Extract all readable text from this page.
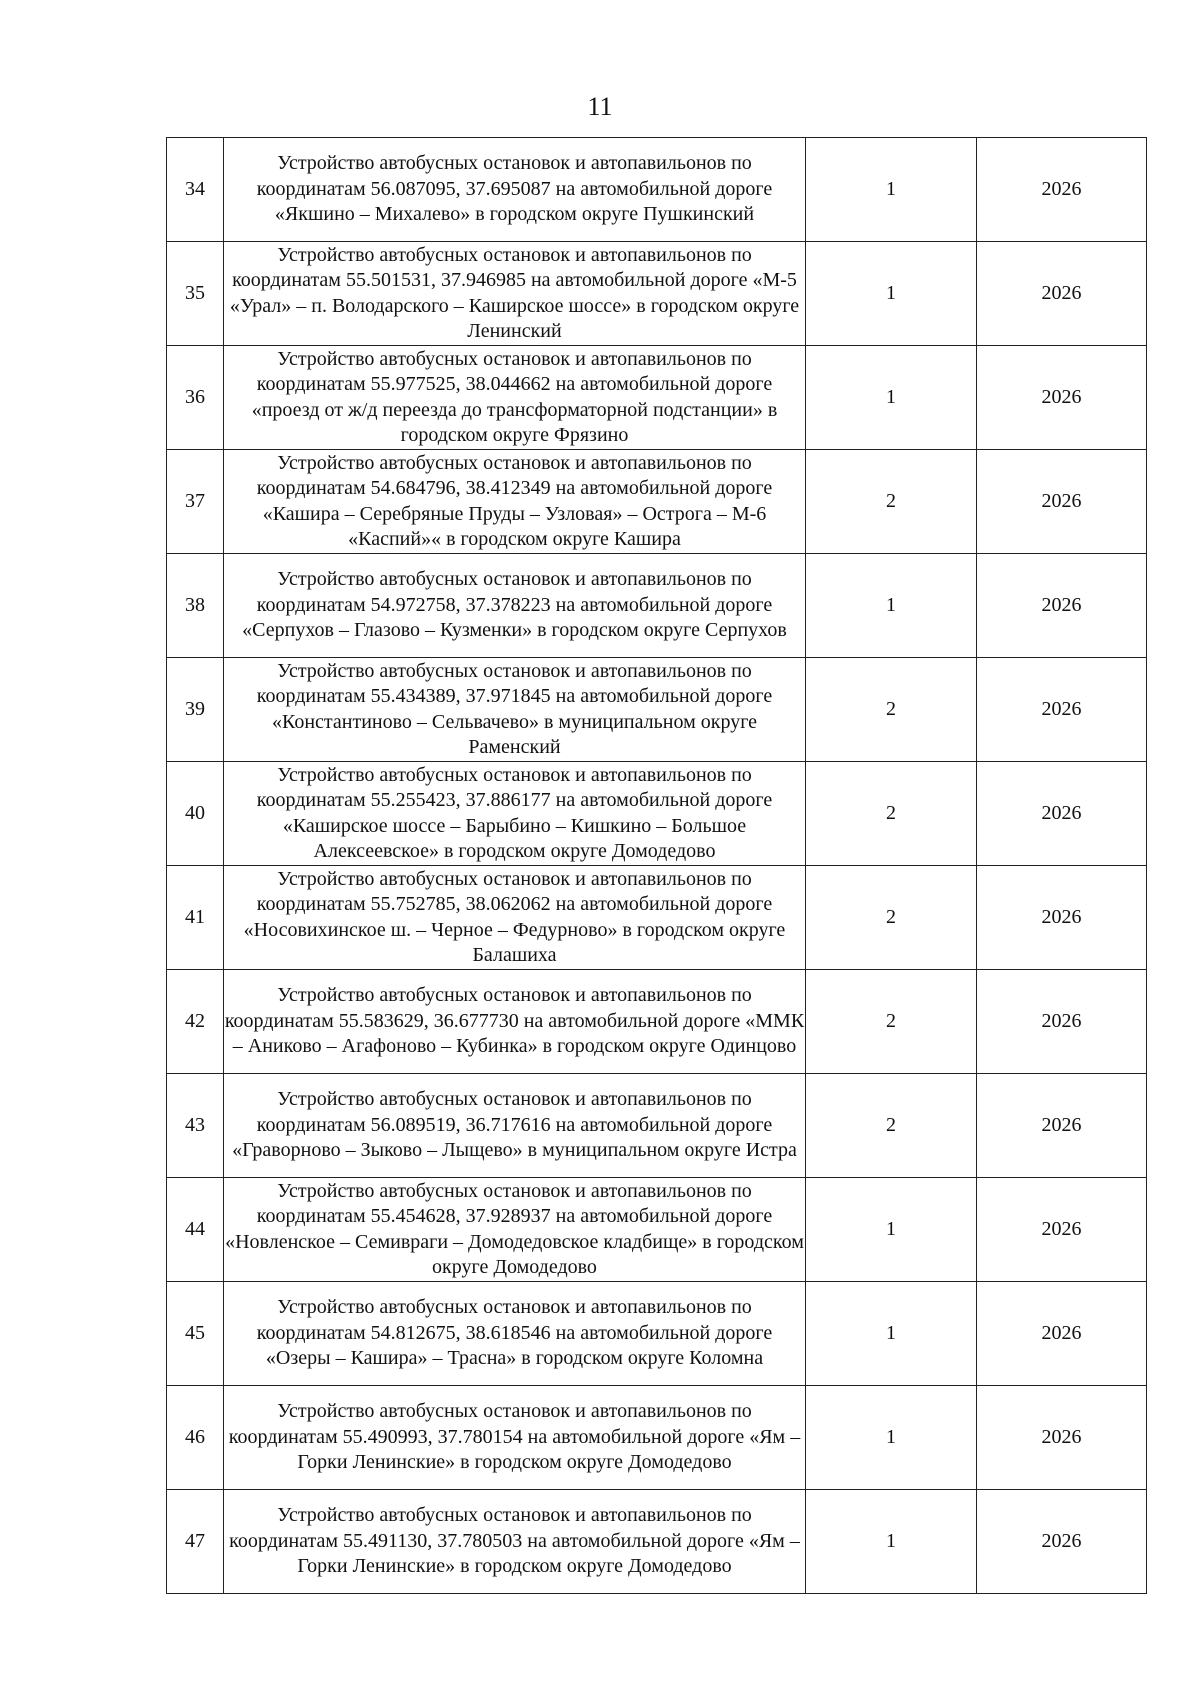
11
34	Устройство автобусных остановок и автопавильонов по координатам 56.087095, 37.695087 на автомобильной дороге «Якшино – Михалево» в городском округе Пушкинский	1	2026
35	Устройство автобусных остановок и автопавильонов по координатам 55.501531, 37.946985 на автомобильной дороге «М-5 «Урал» – п. Володарского – Каширское шоссе» в городском округе Ленинский	1	2026
36	Устройство автобусных остановок и автопавильонов по координатам 55.977525, 38.044662 на автомобильной дороге «проезд от ж/д переезда до трансформаторной подстанции» в городском округе Фрязино	1	2026
37	Устройство автобусных остановок и автопавильонов по координатам 54.684796, 38.412349 на автомобильной дороге «Кашира – Серебряные Пруды – Узловая» – Острога – М-6 «Каспий»« в городском округе Кашира	2	2026
38	Устройство автобусных остановок и автопавильонов по координатам 54.972758, 37.378223 на автомобильной дороге «Серпухов – Глазово – Кузменки» в городском округе Серпухов	1	2026
39	Устройство автобусных остановок и автопавильонов по координатам 55.434389, 37.971845 на автомобильной дороге «Константиново – Сельвачево» в муниципальном округе Раменский	2	2026
40	Устройство автобусных остановок и автопавильонов по координатам 55.255423, 37.886177 на автомобильной дороге «Каширское шоссе – Барыбино – Кишкино – Большое Алексеевское» в городском округе Домодедово	2	2026
41	Устройство автобусных остановок и автопавильонов по координатам 55.752785, 38.062062 на автомобильной дороге «Носовихинское ш. – Черное – Федурново» в городском округе Балашиха	2	2026
42	Устройство автобусных остановок и автопавильонов по координатам 55.583629, 36.677730 на автомобильной дороге «ММК – Аниково – Агафоново – Кубинка» в городском округе Одинцово	2	2026
43	Устройство автобусных остановок и автопавильонов по координатам 56.089519, 36.717616 на автомобильной дороге «Граворново – Зыково – Лыщево» в муниципальном округе Истра	2	2026
44	Устройство автобусных остановок и автопавильонов по координатам 55.454628, 37.928937 на автомобильной дороге «Новленское – Семивраги – Домодедовское кладбище» в городском округе Домодедово	1	2026
45	Устройство автобусных остановок и автопавильонов по координатам 54.812675, 38.618546 на автомобильной дороге «Озеры – Кашира» – Трасна» в городском округе Коломна	1	2026
46	Устройство автобусных остановок и автопавильонов по координатам 55.490993, 37.780154 на автомобильной дороге «Ям – Горки Ленинские» в городском округе Домодедово	1	2026
47	Устройство автобусных остановок и автопавильонов по координатам 55.491130, 37.780503 на автомобильной дороге «Ям – Горки Ленинские» в городском округе Домодедово	1	2026
